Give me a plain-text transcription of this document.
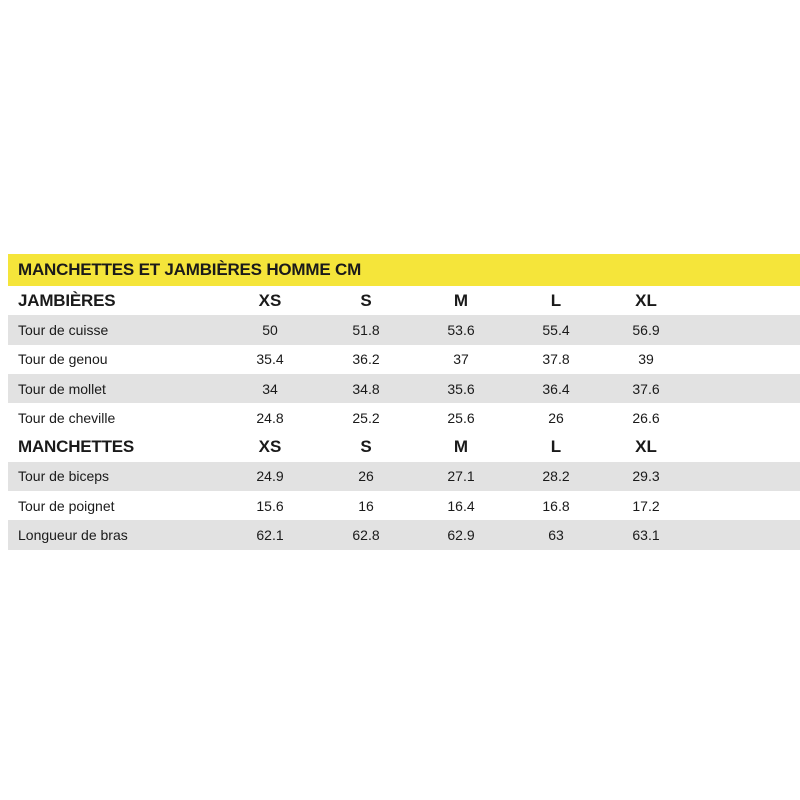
MANCHETTES ET JAMBIÈRES HOMME CM
JAMBIÈRES	XS	S	M	L	XL
Tour de cuisse	50	51.8	53.6	55.4	56.9
Tour de genou	35.4	36.2	37	37.8	39
Tour de mollet	34	34.8	35.6	36.4	37.6
Tour de cheville	24.8	25.2	25.6	26	26.6
MANCHETTES	XS	S	M	L	XL
Tour de biceps	24.9	26	27.1	28.2	29.3
Tour de poignet	15.6	16	16.4	16.8	17.2
Longueur de bras	62.1	62.8	62.9	63	63.1
